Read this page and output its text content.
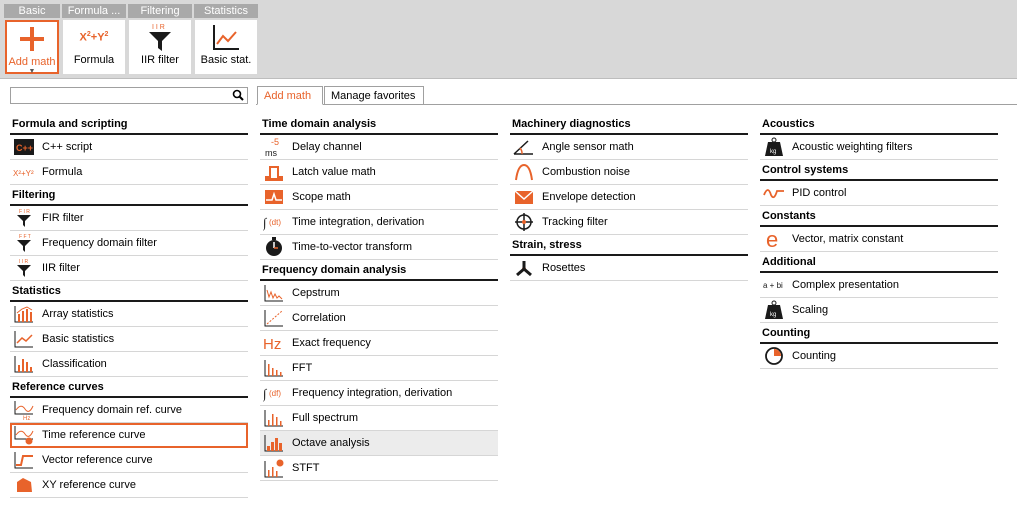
Basic
Add math
▼
Formula ...
$X^2+Y^2$
Formula
Filtering
I I R
IIR filter
Statistics
Basic stat.
Add math	Manage favorites
Formula and scripting
C++ C++ script
X²+Y² Formula
Filtering
F I R FIR filter
F F T Frequency domain filter
I I R IIR filter
Statistics
Array statistics
Basic statistics
Classification
Reference curves
Hz
Frequency domain ref. curve
Time reference curve
Vector reference curve
XY reference curve
Time domain analysis
-5
ms Delay channel
Latch value math
Scope math
∫ (dt) Time integration, derivation
Time-to-vector transform
Frequency domain analysis
Cepstrum
Correlation
Hz Exact frequency
FFT
∫ (df) Frequency integration, derivation
Full spectrum
Octave analysis
STFT
Machinery diagnostics
Angle sensor math
Combustion noise
Envelope detection
Tracking filter
Strain, stress
Rosettes
Acoustics
kg Acoustic weighting filters
Control systems
PID control
Constants
e Vector, matrix constant
Additional
a + bi Complex presentation
kg Scaling
Counting
Counting
